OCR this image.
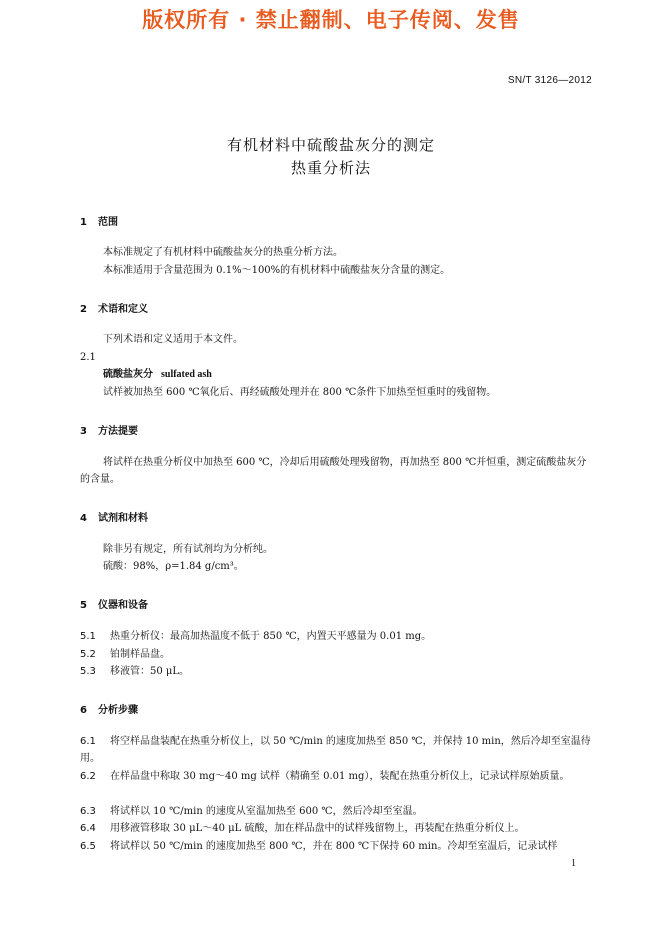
版权所有 · 禁止翻制、电子传阅、发售
SN/T 3126—2012
有机材料中硫酸盐灰分的测定
热重分析法
1 范围
本标准规定了有机材料中硫酸盐灰分的热重分析方法。
本标准适用于含量范围为 0.1%～100%的有机材料中硫酸盐灰分含量的测定。
2 术语和定义
下列术语和定义适用于本文件。
2.1
硫酸盐灰分 sulfated ash
试样被加热至 600 ℃氧化后、再经硫酸处理并在 800 ℃条件下加热至恒重时的残留物。
3 方法提要
将试样在热重分析仪中加热至 600 ℃，冷却后用硫酸处理残留物，再加热至 800 ℃并恒重，测定硫酸盐灰分的含量。
4 试剂和材料
除非另有规定，所有试剂均为分析纯。
硫酸：98%，ρ=1.84 g/cm³。
5 仪器和设备
5.1 热重分析仪：最高加热温度不低于 850 ℃，内置天平感量为 0.01 mg。
5.2 铂制样品盘。
5.3 移液管：50 μL。
6 分析步骤
6.1 将空样品盘装配在热重分析仪上，以 50 ℃/min 的速度加热至 850 ℃，并保持 10 min，然后冷却至室温待用。
6.2 在样品盘中称取 30 mg～40 mg 试样（精确至 0.01 mg），装配在热重分析仪上，记录试样原始质量。
6.3 将试样以 10 ℃/min 的速度从室温加热至 600 ℃，然后冷却至室温。
6.4 用移液管移取 30 μL～40 μL 硫酸，加在样品盘中的试样残留物上，再装配在热重分析仪上。
6.5 将试样以 50 ℃/min 的速度加热至 800 ℃，并在 800 ℃下保持 60 min。冷却至室温后，记录试样
1
